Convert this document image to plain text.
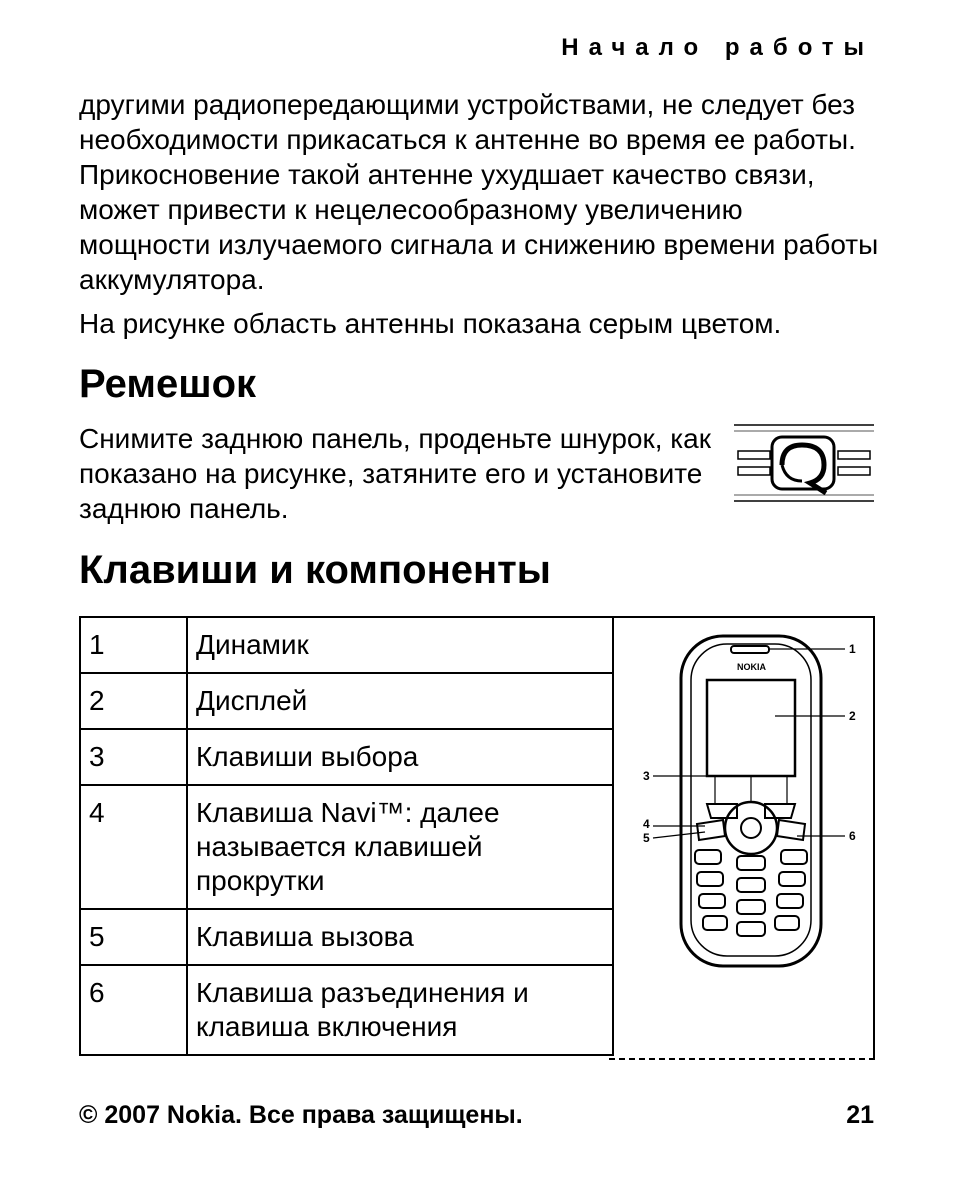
Начало работы

другими радиопередающими устройствами, не следует без необходимости прикасаться к антенне во время ее работы. Прикосновение такой антенне ухудшает качество связи, может привести к нецелесообразному увеличению мощности излучаемого сигнала и снижению времени работы аккумулятора.

На рисунке область антенны показана серым цветом.

Ремешок

Снимите заднюю панель, проденьте шнурок, как показано на рисунке, затяните его и установите заднюю панель.

Клавиши и компоненты
1	Динамик
2	Дисплей
3	Клавиши выбора
4	Клавиша Navi™: далее называется клавишей прокрутки
5	Клавиша вызова
6	Клавиша разъединения и клавиша включения
NOKIA
1
2
3
4
5	6
© 2007 Nokia. Все права защищены.	21
